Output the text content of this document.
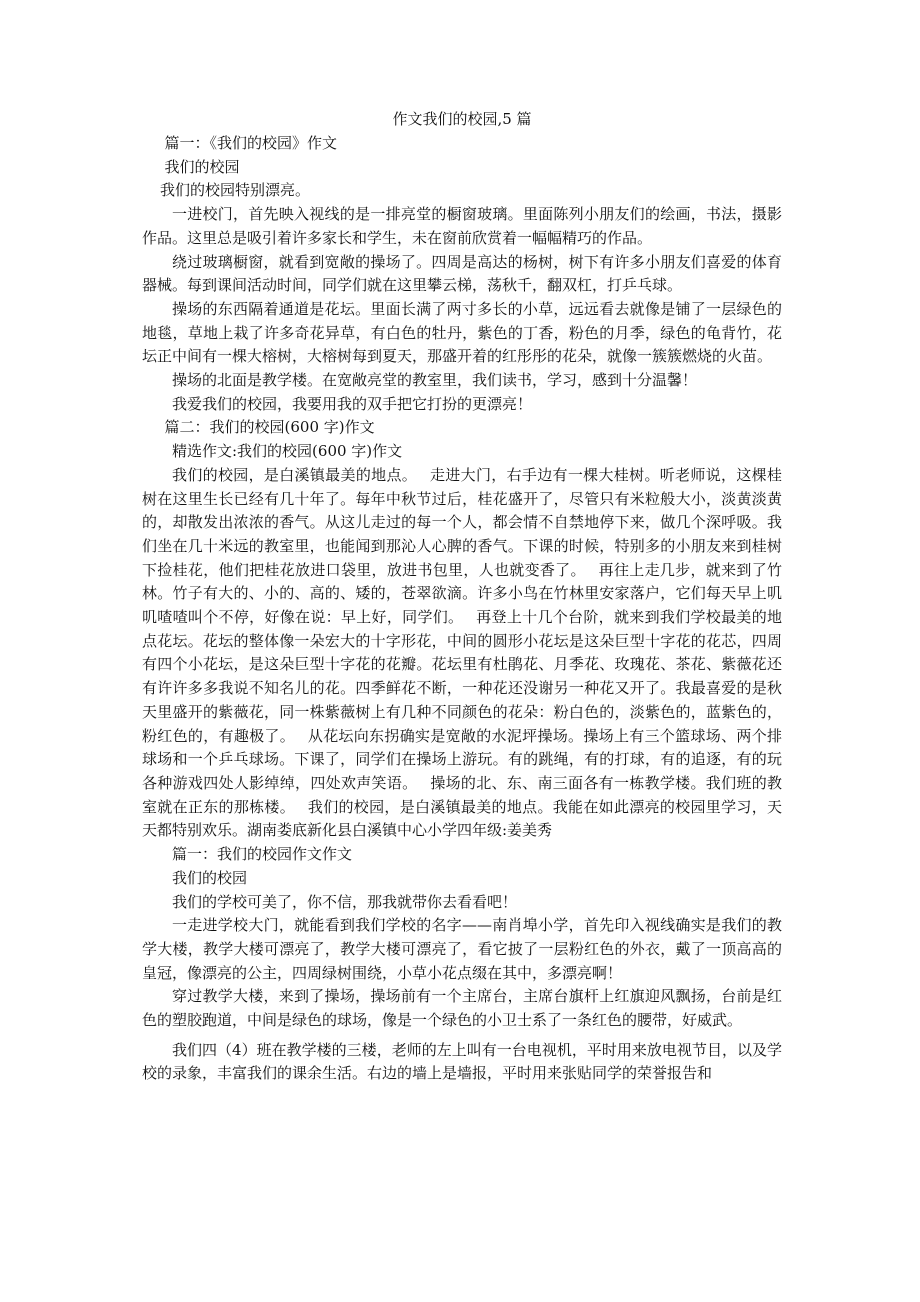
作文我们的校园,5 篇

篇一：《我们的校园》作文

我们的校园

我们的校园特别漂亮。

一进校门，首先映入视线的是一排亮堂的橱窗玻璃。里面陈列小朋友们的绘画，书法，摄影作品。这里总是吸引着许多家长和学生，未在窗前欣赏着一幅幅精巧的作品。

绕过玻璃橱窗，就看到宽敞的操场了。四周是高达的杨树，树下有许多小朋友们喜爱的体育器械。每到课间活动时间，同学们就在这里攀云梯，荡秋千，翻双杠，打乒乓球。

操场的东西隔着通道是花坛。里面长满了两寸多长的小草，远远看去就像是铺了一层绿色的地毯，草地上栽了许多奇花异草，有白色的牡丹，紫色的丁香，粉色的月季，绿色的龟背竹，花坛正中间有一棵大榕树，大榕树每到夏天，那盛开着的红彤彤的花朵，就像一簇簇燃烧的火苗。

操场的北面是教学楼。在宽敞亮堂的教室里，我们读书，学习，感到十分温馨！

我爱我们的校园，我要用我的双手把它打扮的更漂亮！

篇二：我们的校园(600 字)作文

精选作文:我们的校园(600 字)作文

我们的校园，是白溪镇最美的地点。　 走进大门，右手边有一棵大桂树。听老师说，这棵桂树在这里生长已经有几十年了。每年中秋节过后，桂花盛开了，尽管只有米粒般大小，淡黄淡黄的，却散发出浓浓的香气。从这儿走过的每一个人，都会情不自禁地停下来，做几个深呼吸。我们坐在几十米远的教室里，也能闻到那沁人心脾的香气。下课的时候，特别多的小朋友来到桂树下捡桂花，他们把桂花放进口袋里，放进书包里，人也就变香了。　 再往上走几步，就来到了竹林。竹子有大的、小的、高的、矮的，苍翠欲滴。许多小鸟在竹林里安家落户，它们每天早上叽叽喳喳叫个不停，好像在说：早上好，同学们。　 再登上十几个台阶，就来到我们学校最美的地点花坛。花坛的整体像一朵宏大的十字形花，中间的圆形小花坛是这朵巨型十字花的花芯，四周有四个小花坛，是这朵巨型十字花的花瓣。花坛里有杜鹃花、月季花、玫瑰花、茶花、紫薇花还有许许多多我说不知名儿的花。四季鲜花不断，一种花还没谢另一种花又开了。我最喜爱的是秋天里盛开的紫薇花，同一株紫薇树上有几种不同颜色的花朵：粉白色的，淡紫色的，蓝紫色的，粉红色的，有趣极了。　 从花坛向东拐确实是宽敞的水泥坪操场。操场上有三个篮球场、两个排球场和一个乒乓球场。下课了，同学们在操场上游玩。有的跳绳，有的打球，有的追逐，有的玩各种游戏四处人影绰绰，四处欢声笑语。　 操场的北、东、南三面各有一栋教学楼。我们班的教室就在正东的那栋楼。　 我们的校园，是白溪镇最美的地点。我能在如此漂亮的校园里学习，天天都特别欢乐。湖南娄底新化县白溪镇中心小学四年级:姜美秀

篇一：我们的校园作文作文

我们的校园

我们的学校可美了，你不信，那我就带你去看看吧！

一走进学校大门，就能看到我们学校的名字——南肖埠小学，首先印入视线确实是我们的教学大楼，教学大楼可漂亮了，教学大楼可漂亮了，看它披了一层粉红色的外衣，戴了一顶高高的皇冠，像漂亮的公主，四周绿树围绕，小草小花点缀在其中，多漂亮啊！

穿过教学大楼，来到了操场，操场前有一个主席台，主席台旗杆上红旗迎风飘扬，台前是红色的塑胶跑道，中间是绿色的球场，像是一个绿色的小卫士系了一条红色的腰带，好威武。

我们四（4）班在教学楼的三楼，老师的左上叫有一台电视机，平时用来放电视节目，以及学校的录象，丰富我们的课余生活。右边的墙上是墙报，平时用来张贴同学的荣誉报告和
